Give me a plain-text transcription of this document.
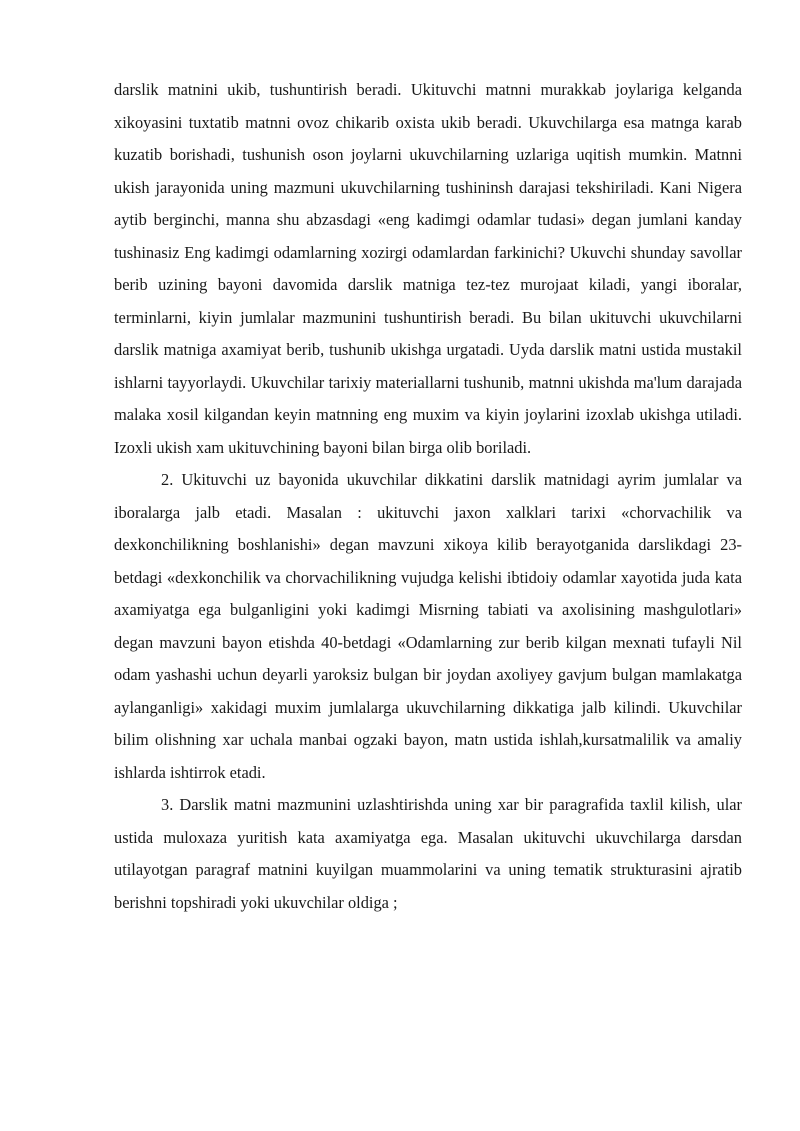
darslik matnini ukib, tushuntirish beradi. Ukituvchi matnni murakkab joylariga kelganda xikoyasini tuxtatib matnni ovoz chikarib oxista ukib beradi. Ukuvchilarga esa matnga karab kuzatib borishadi, tushunish oson joylarni ukuvchilarning uzlariga uqitish mumkin. Matnni ukish jarayonida uning mazmuni ukuvchilarning tushininsh darajasi tekshiriladi. Kani Nigera aytib berginchi, manna shu abzasdagi «eng kadimgi odamlar tudasi» degan jumlani kanday tushinasiz Eng kadimgi odamlarning xozirgi odamlardan farkinichi? Ukuvchi shunday savollar berib uzining bayoni davomida darslik matniga tez-tez murojaat kiladi, yangi iboralar, terminlarni, kiyin jumlalar mazmunini tushuntirish beradi. Bu bilan ukituvchi ukuvchilarni darslik matniga axamiyat berib, tushunib ukishga urgatadi. Uyda darslik matni ustida mustakil ishlarni tayyorlaydi. Ukuvchilar tarixiy materiallarni tushunib, matnni ukishda ma'lum darajada malaka xosil kilgandan keyin matnning eng muxim va kiyin joylarini izoxlab ukishga utiladi. Izoxli ukish xam ukituvchining bayoni bilan birga olib boriladi.

2. Ukituvchi uz bayonida ukuvchilar dikkatini darslik matnidagi ayrim jumlalar va iboralarga jalb etadi. Masalan : ukituvchi jaxon xalklari tarixi «chorvachilik va dexkonchilikning boshlanishi» degan mavzuni xikoya kilib berayotganida darslikdagi 23-betdagi «dexkonchilik va chorvachilikning vujudga kelishi ibtidoiy odamlar xayotida juda kata axamiyatga ega bulganligini yoki kadimgi Misrning tabiati va axolisining mashgulotlari» degan mavzuni bayon etishda 40-betdagi «Odamlarning zur berib kilgan mexnati tufayli Nil odam yashashi uchun deyarli yaroksiz bulgan bir joydan axoliyey gavjum bulgan mamlakatga aylanganligi» xakidagi muxim jumlalarga ukuvchilarning dikkatiga jalb kilindi. Ukuvchilar bilim olishning xar uchala manbai ogzaki bayon, matn ustida ishlah,kursatmalilik va amaliy ishlarda ishtirrok etadi.

3. Darslik matni mazmunini uzlashtirishda uning xar bir paragrafida taxlil kilish, ular ustida muloxaza yuritish kata axamiyatga ega. Masalan ukituvchi ukuvchilarga darsdan utilayotgan paragraf matnini kuyilgan muammolarini va uning tematik strukturasini ajratib berishni topshiradi yoki ukuvchilar oldiga ;
